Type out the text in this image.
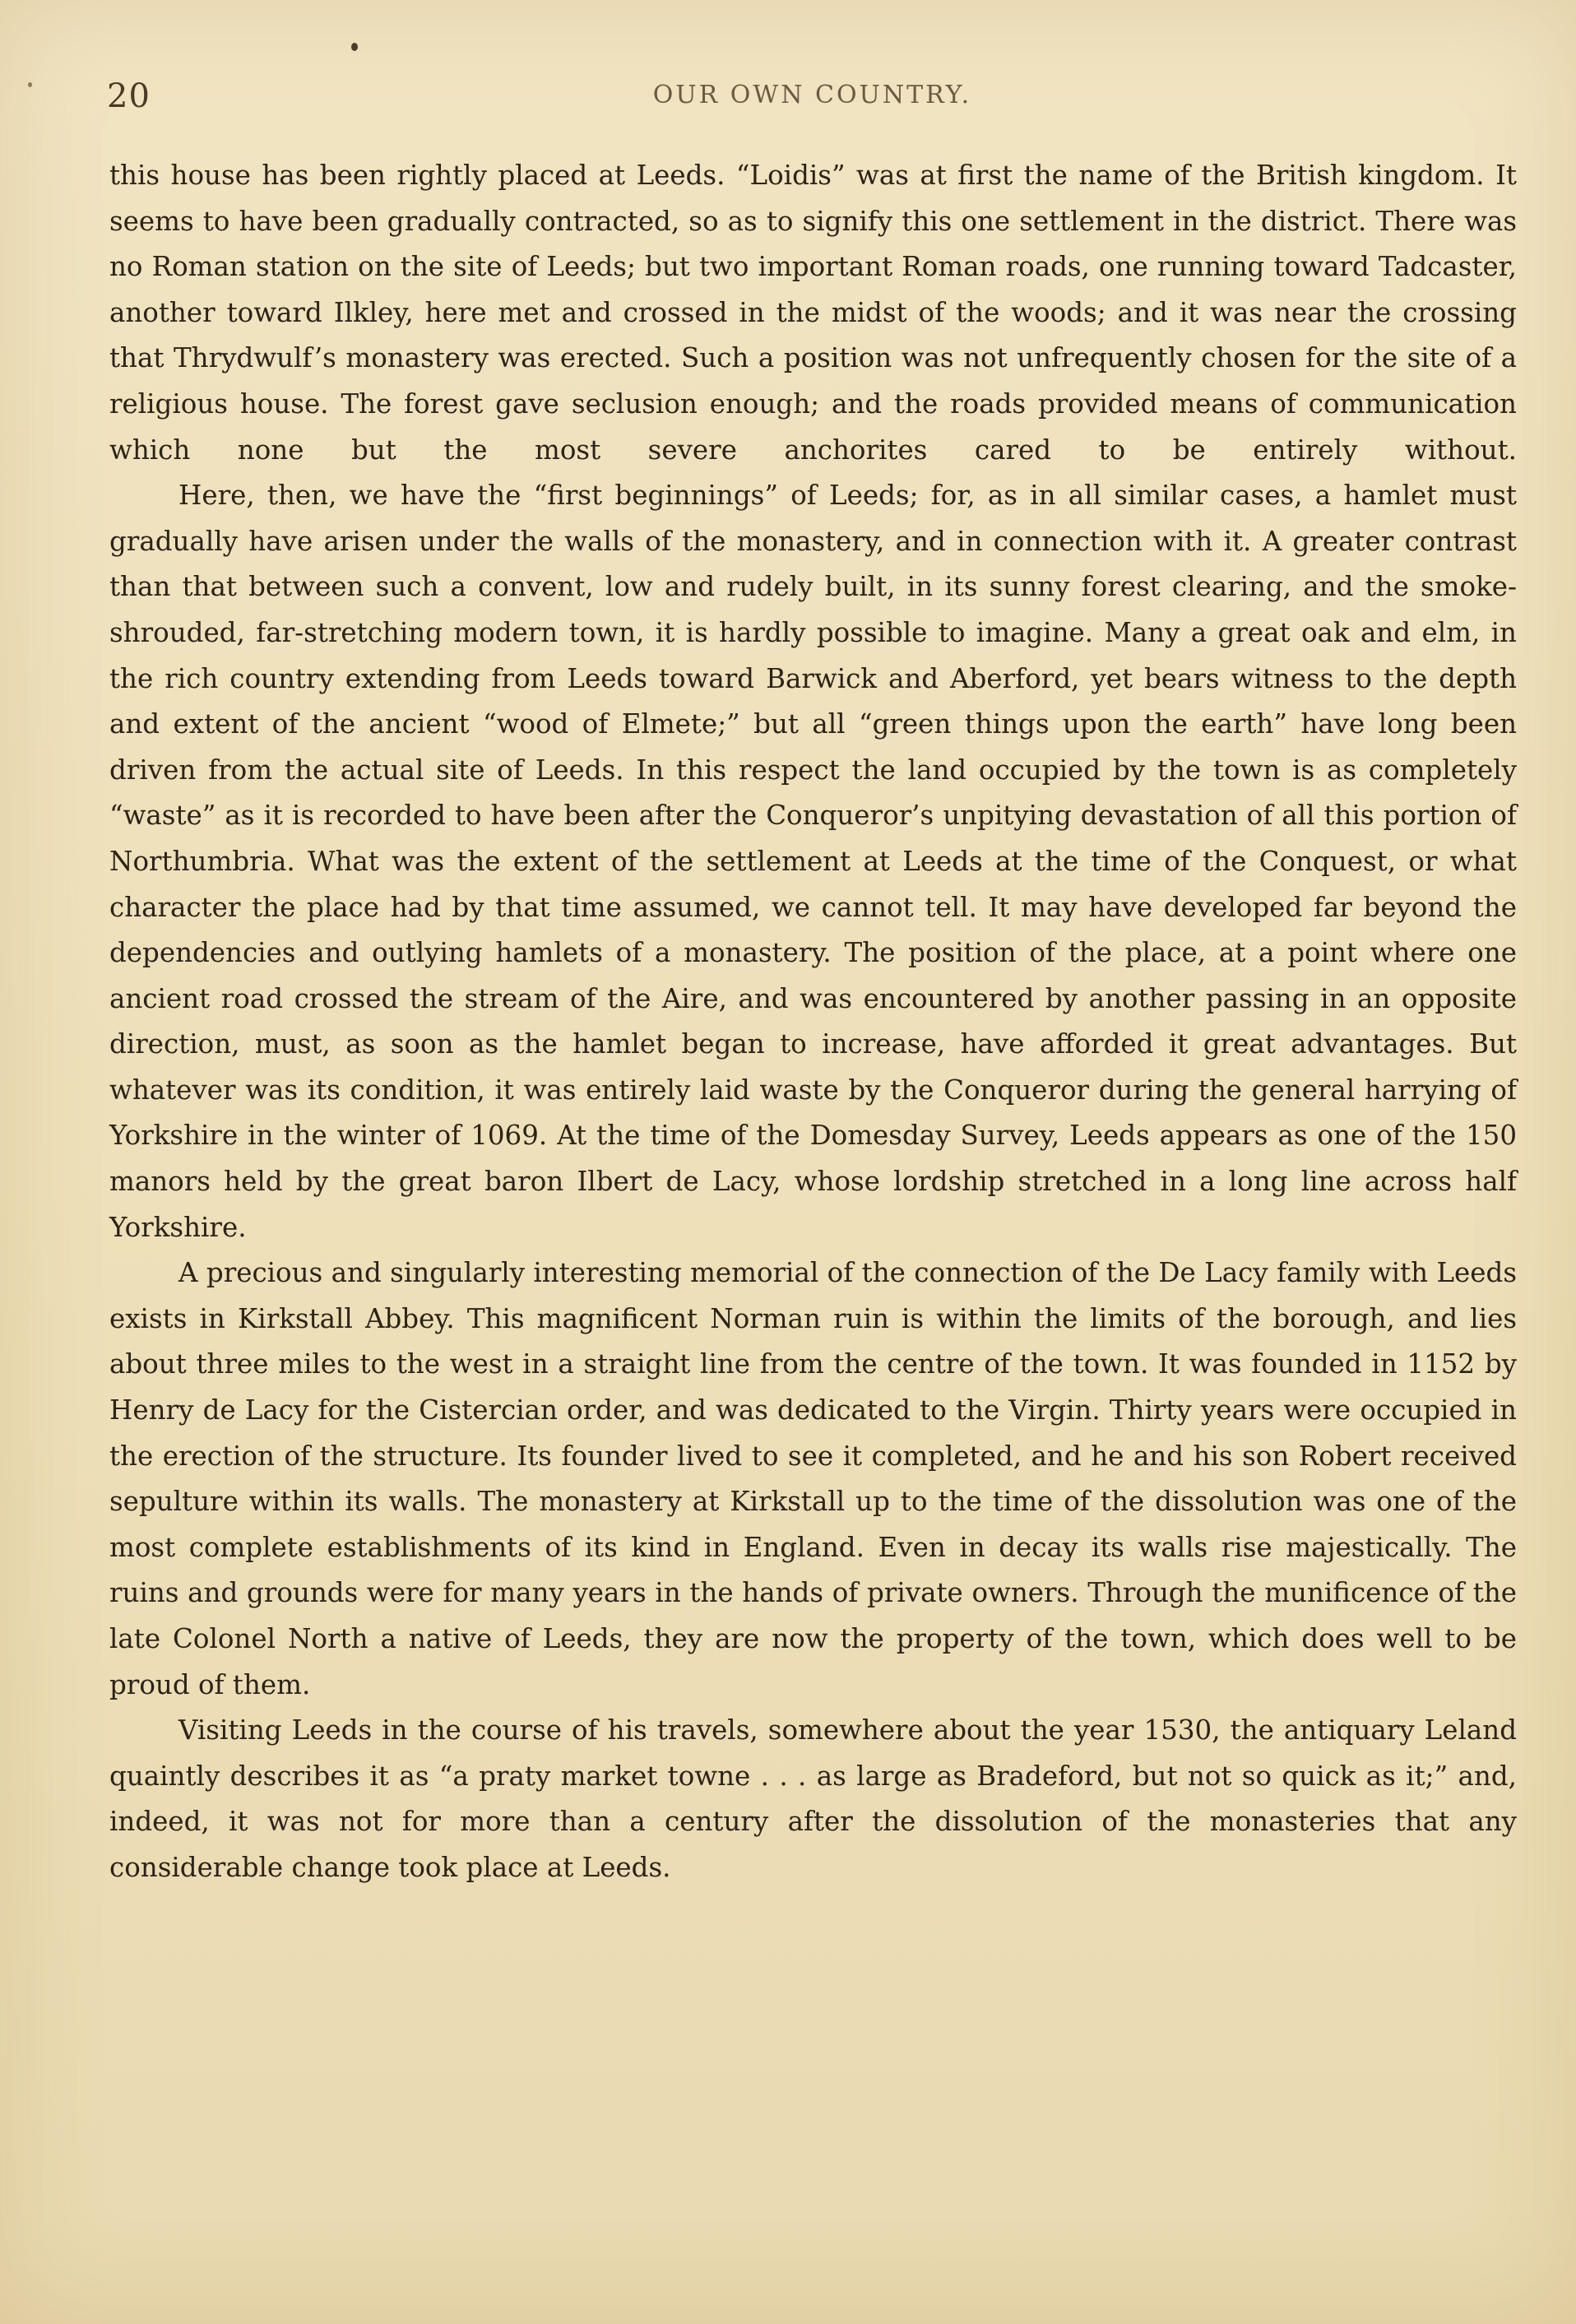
20	OUR OWN COUNTRY.

this house has been rightly placed at Leeds. “Loidis” was at first the name of the British kingdom. It seems to have been gradually contracted, so as to signify this one settlement in the district. There was no Roman station on the site of Leeds; but two important Roman roads, one running toward Tadcaster, another toward Ilkley, here met and crossed in the midst of the woods; and it was near the crossing that Thrydwulf’s monastery was erected. Such a position was not unfrequently chosen for the site of a religious house. The forest gave seclusion enough; and the roads provided means of communication which none but the most severe anchorites cared to be entirely without.

Here, then, we have the “first beginnings” of Leeds; for, as in all similar cases, a hamlet must gradually have arisen under the walls of the monastery, and in connection with it. A greater contrast than that between such a convent, low and rudely built, in its sunny forest clearing, and the smoke-shrouded, far-stretching modern town, it is hardly possible to imagine. Many a great oak and elm, in the rich country extending from Leeds toward Barwick and Aberford, yet bears witness to the depth and extent of the ancient “wood of Elmete;” but all “green things upon the earth” have long been driven from the actual site of Leeds. In this respect the land occupied by the town is as completely “waste” as it is recorded to have been after the Conqueror’s unpitying devastation of all this portion of Northumbria. What was the extent of the settlement at Leeds at the time of the Conquest, or what character the place had by that time assumed, we cannot tell. It may have developed far beyond the dependencies and outlying hamlets of a monastery. The position of the place, at a point where one ancient road crossed the stream of the Aire, and was encountered by another passing in an opposite direction, must, as soon as the hamlet began to increase, have afforded it great advantages. But whatever was its condition, it was entirely laid waste by the Conqueror during the general harrying of Yorkshire in the winter of 1069. At the time of the Domesday Survey, Leeds appears as one of the 150 manors held by the great baron Ilbert de Lacy, whose lordship stretched in a long line across half Yorkshire.

A precious and singularly interesting memorial of the connection of the De Lacy family with Leeds exists in Kirkstall Abbey. This magnificent Norman ruin is within the limits of the borough, and lies about three miles to the west in a straight line from the centre of the town. It was founded in 1152 by Henry de Lacy for the Cistercian order, and was dedicated to the Virgin. Thirty years were occupied in the erection of the structure. Its founder lived to see it completed, and he and his son Robert received sepulture within its walls. The monastery at Kirkstall up to the time of the dissolution was one of the most complete establishments of its kind in England. Even in decay its walls rise majestically. The ruins and grounds were for many years in the hands of private owners. Through the munificence of the late Colonel North a native of Leeds, they are now the property of the town, which does well to be proud of them.

Visiting Leeds in the course of his travels, somewhere about the year 1530, the antiquary Leland quaintly describes it as “a praty market towne . . . as large as Bradeford, but not so quick as it;” and, indeed, it was not for more than a century after the dissolution of the monasteries that any considerable change took place at Leeds.
